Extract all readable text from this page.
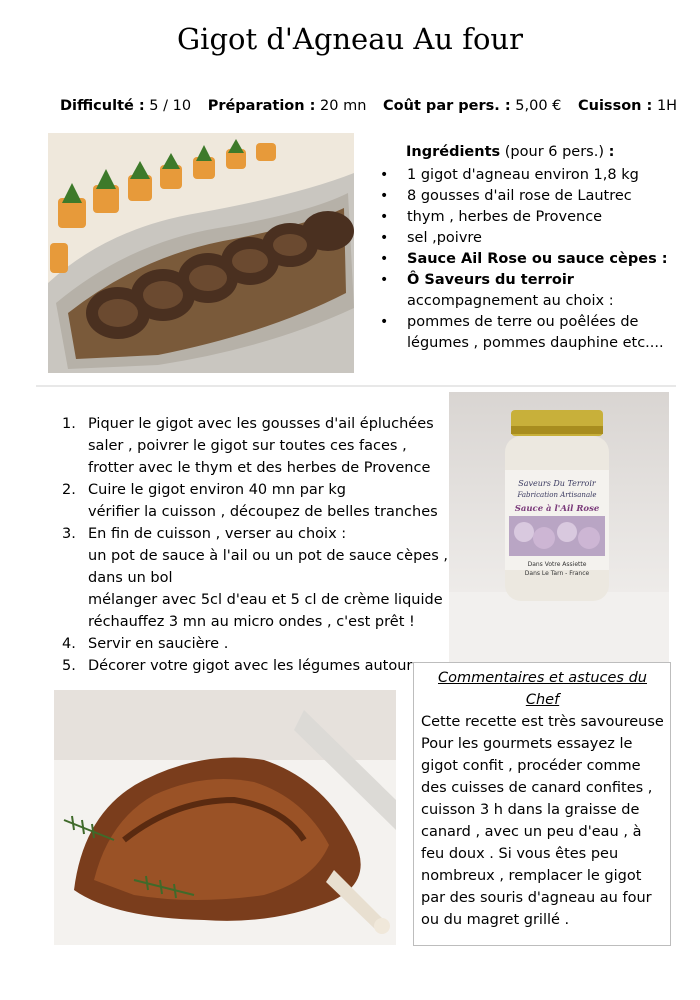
Gigot d'Agneau Au four
Difficulté : 5 / 10 Préparation : 20 mn Coût par pers. : 5,00 € Cuisson : 1H
Ingrédients (pour 6 pers.) :
• 1 gigot d'agneau environ 1,8 kg
• 8 gousses d'ail rose de Lautrec
• thym , herbes de Provence
• sel ,poivre
• Sauce Ail Rose ou sauce cèpes :
• Ô Saveurs du terroir
accompagnement au choix :
• pommes de terre ou poêlées de légumes , pommes dauphine etc....
1. Piquer le gigot avec les gousses d'ail épluchées
saler , poivrer le gigot sur toutes ces faces ,
frotter avec le thym et des herbes de Provence
2. Cuire le gigot environ 40 mn par kg
vérifier la cuisson , découpez de belles tranches
3. En fin de cuisson , verser au choix :
un pot de sauce à l'ail ou un pot de sauce cèpes ,
dans un bol
mélanger avec 5cl d'eau et 5 cl de crème liquide
réchauffez 3 mn au micro ondes , c'est prêt !
4. Servir en saucière .
5. Décorer votre gigot avec les légumes autour
Saveurs Du Terroir
Fabrication Artisanale
Sauce à l'Ail Rose
Dans Votre Assiette
Dans Le Tarn - France
Commentaires et astuces du Chef
Cette recette est très savoureuse Pour les gourmets essayez le gigot confit , procéder comme des cuisses de canard confites , cuisson 3 h dans la graisse de canard , avec un peu d'eau , à feu doux . Si vous êtes peu nombreux , remplacer le gigot par des souris d'agneau au four ou du magret grillé .
